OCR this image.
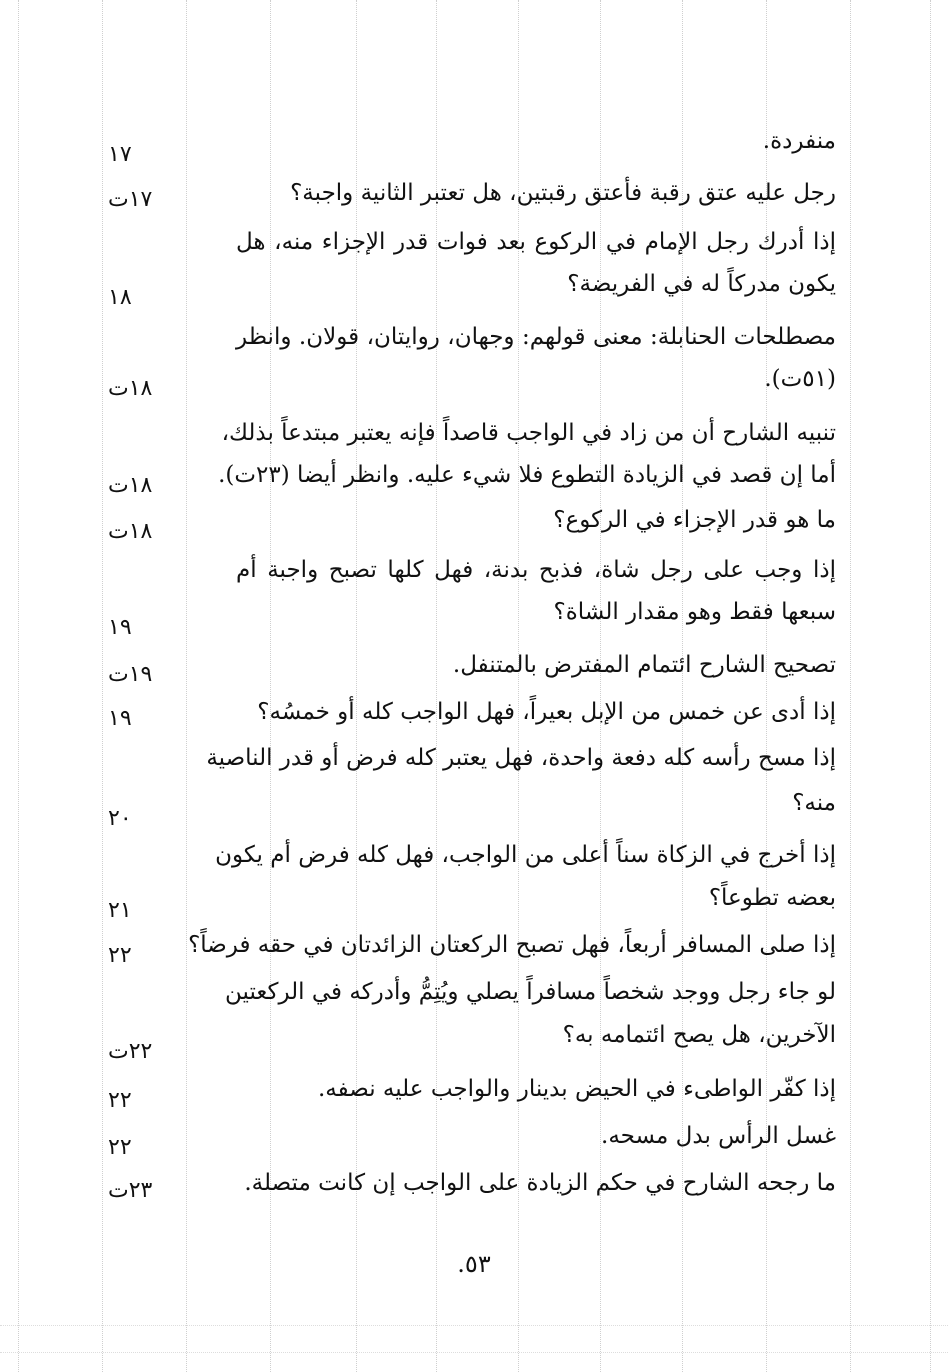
منفردة.
١٧
رجل عليه عتق رقبة فأعتق رقبتين، هل تعتبر الثانية واجبة؟
١٧ت
إذا أدرك رجل الإمام في الركوع بعد فوات قدر الإجزاء منه، هل
يكون مدركاً له في الفريضة؟
١٨
مصطلحات الحنابلة: معنى قولهم: وجهان، روايتان، قولان. وانظر
(٥١ت).
١٨ت
تنبيه الشارح أن من زاد في الواجب قاصداً فإنه يعتبر مبتدعاً بذلك،
أما إن قصد في الزيادة التطوع فلا شيء عليه. وانظر أيضا (٢٣ت).
١٨ت
ما هو قدر الإجزاء في الركوع؟
١٨ت
إذا وجب على رجل شاة، فذبح بدنة، فهل كلها تصبح واجبة أم
سبعها فقط وهو مقدار الشاة؟
١٩
تصحيح الشارح ائتمام المفترض بالمتنفل.
١٩ت
إذا أدى عن خمس من الإبل بعيراً، فهل الواجب كله أو خمسُه؟
١٩
إذا مسح رأسه كله دفعة واحدة، فهل يعتبر كله فرض أو قدر الناصية
منه؟
٢٠
إذا أخرج في الزكاة سناً أعلى من الواجب، فهل كله فرض أم يكون
بعضه تطوعاً؟
٢١
إذا صلى المسافر أربعاً، فهل تصبح الركعتان الزائدتان في حقه فرضاً؟
٢٢
لو جاء رجل ووجد شخصاً مسافراً يصلي ويُتِمُّ وأدركه في الركعتين
الآخرين، هل يصح ائتمامه به؟
٢٢ت
إذا كفّر الواطىء في الحيض بدينار والواجب عليه نصفه.
٢٢
غسل الرأس بدل مسحه.
٢٢
ما رجحه الشارح في حكم الزيادة على الواجب إن كانت متصلة.
٢٣ت
٥٣.
